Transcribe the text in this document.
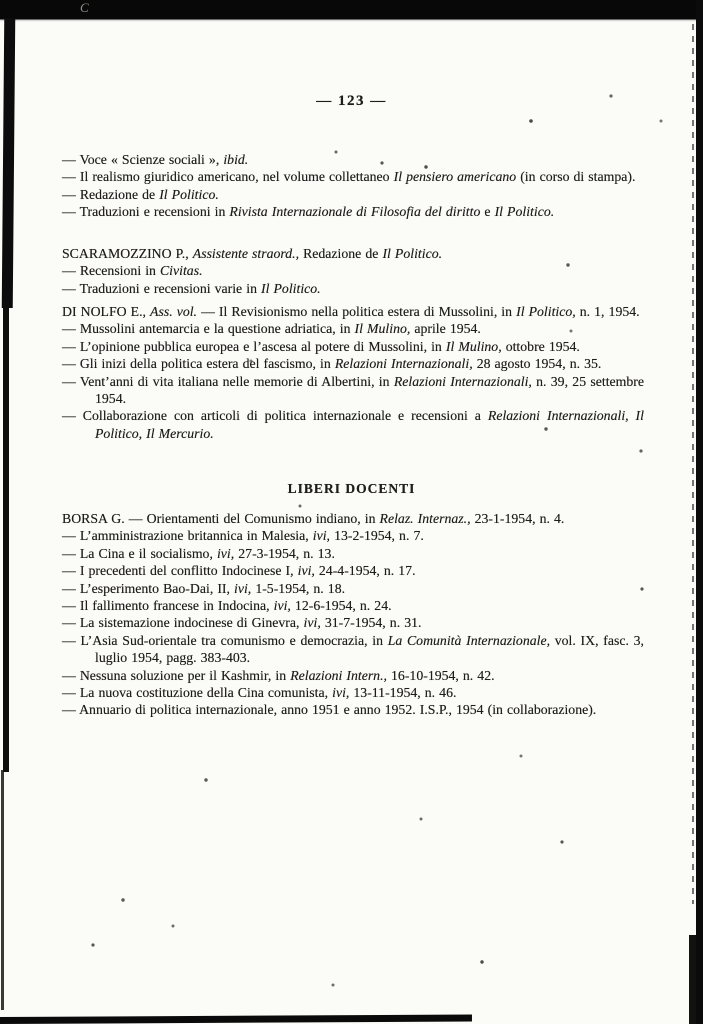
C
— 123 —

— Voce « Scienze sociali », ibid.

— Il realismo giuridico americano, nel volume collettaneo Il pensiero americano (in corso di stampa).

— Redazione de Il Politico.

— Traduzioni e recensioni in Rivista Internazionale di Filosofia del diritto e Il Politico.

SCARAMOZZINO P., Assistente straord., Redazione de Il Politico.

— Recensioni in Civitas.

— Traduzioni e recensioni varie in Il Politico.

DI NOLFO E., Ass. vol. — Il Revisionismo nella politica estera di Mussolini, in Il Politico, n. 1, 1954.

— Mussolini antemarcia e la questione adriatica, in Il Mulino, aprile 1954.

— L’opinione pubblica europea e l’ascesa al potere di Mussolini, in Il Mulino, ottobre 1954.

— Gli inizi della politica estera del fascismo, in Relazioni Internazionali, 28 agosto 1954, n. 35.

— Vent’anni di vita italiana nelle memorie di Albertini, in Relazioni Internazionali, n. 39, 25 settembre 1954.

— Collaborazione con articoli di politica internazionale e recensioni a Relazioni Internazionali, Il Politico, Il Mercurio.

LIBERI DOCENTI

BORSA G. — Orientamenti del Comunismo indiano, in Relaz. Internaz., 23-1-1954, n. 4.

— L’amministrazione britannica in Malesia, ivi, 13-2-1954, n. 7.

— La Cina e il socialismo, ivi, 27-3-1954, n. 13.

— I precedenti del conflitto Indocinese I, ivi, 24-4-1954, n. 17.

— L’esperimento Bao-Dai, II, ivi, 1-5-1954, n. 18.

— Il fallimento francese in Indocina, ivi, 12-6-1954, n. 24.

— La sistemazione indocinese di Ginevra, ivi, 31-7-1954, n. 31.

— L’Asia Sud-orientale tra comunismo e democrazia, in La Comunità Internazionale, vol. IX, fasc. 3, luglio 1954, pagg. 383-403.

— Nessuna soluzione per il Kashmir, in Relazioni Intern., 16-10-1954, n. 42.

— La nuova costituzione della Cina comunista, ivi, 13-11-1954, n. 46.

— Annuario di politica internazionale, anno 1951 e anno 1952. I.S.P., 1954 (in collaborazione).
